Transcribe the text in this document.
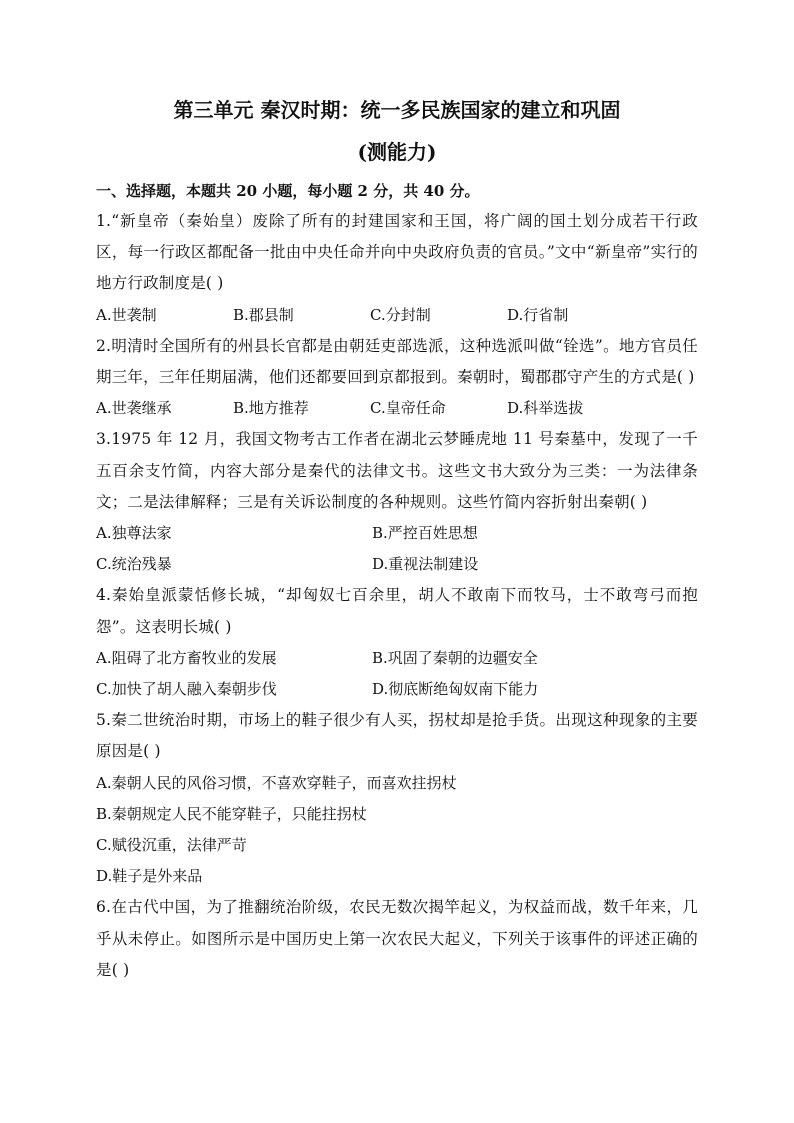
第三单元 秦汉时期：统一多民族国家的建立和巩固
(测能力)
一、选择题，本题共 20 小题，每小题 2 分，共 40 分。

1.“新皇帝（秦始皇）废除了所有的封建国家和王国，将广阔的国土划分成若干行政区，每一行政区都配备一批由中央任命并向中央政府负责的官员。”文中“新皇帝”实行的地方行政制度是( )

A.世袭制	B.郡县制	C.分封制	D.行省制

2.明清时全国所有的州县长官都是由朝廷吏部选派，这种选派叫做“铨选”。地方官员任期三年，三年任期届满，他们还都要回到京都报到。秦朝时，蜀郡郡守产生的方式是( )

A.世袭继承	B.地方推荐	C.皇帝任命	D.科举选拔

3.1975 年 12 月，我国文物考古工作者在湖北云梦睡虎地 11 号秦墓中，发现了一千五百余支竹简，内容大部分是秦代的法律文书。这些文书大致分为三类：一为法律条文；二是法律解释；三是有关诉讼制度的各种规则。这些竹简内容折射出秦朝( )

A.独尊法家	B.严控百姓思想
C.统治残暴	D.重视法制建设

4.秦始皇派蒙恬修长城，“却匈奴七百余里，胡人不敢南下而牧马，士不敢弯弓而抱怨”。这表明长城( )

A.阻碍了北方畜牧业的发展	B.巩固了秦朝的边疆安全
C.加快了胡人融入秦朝步伐	D.彻底断绝匈奴南下能力

5.秦二世统治时期，市场上的鞋子很少有人买，拐杖却是抢手货。出现这种现象的主要原因是( )

A.秦朝人民的风俗习惯，不喜欢穿鞋子，而喜欢拄拐杖
B.秦朝规定人民不能穿鞋子，只能拄拐杖
C.赋役沉重，法律严苛
D.鞋子是外来品

6.在古代中国，为了推翻统治阶级，农民无数次揭竿起义，为权益而战，数千年来，几乎从未停止。如图所示是中国历史上第一次农民大起义，下列关于该事件的评述正确的是( )
